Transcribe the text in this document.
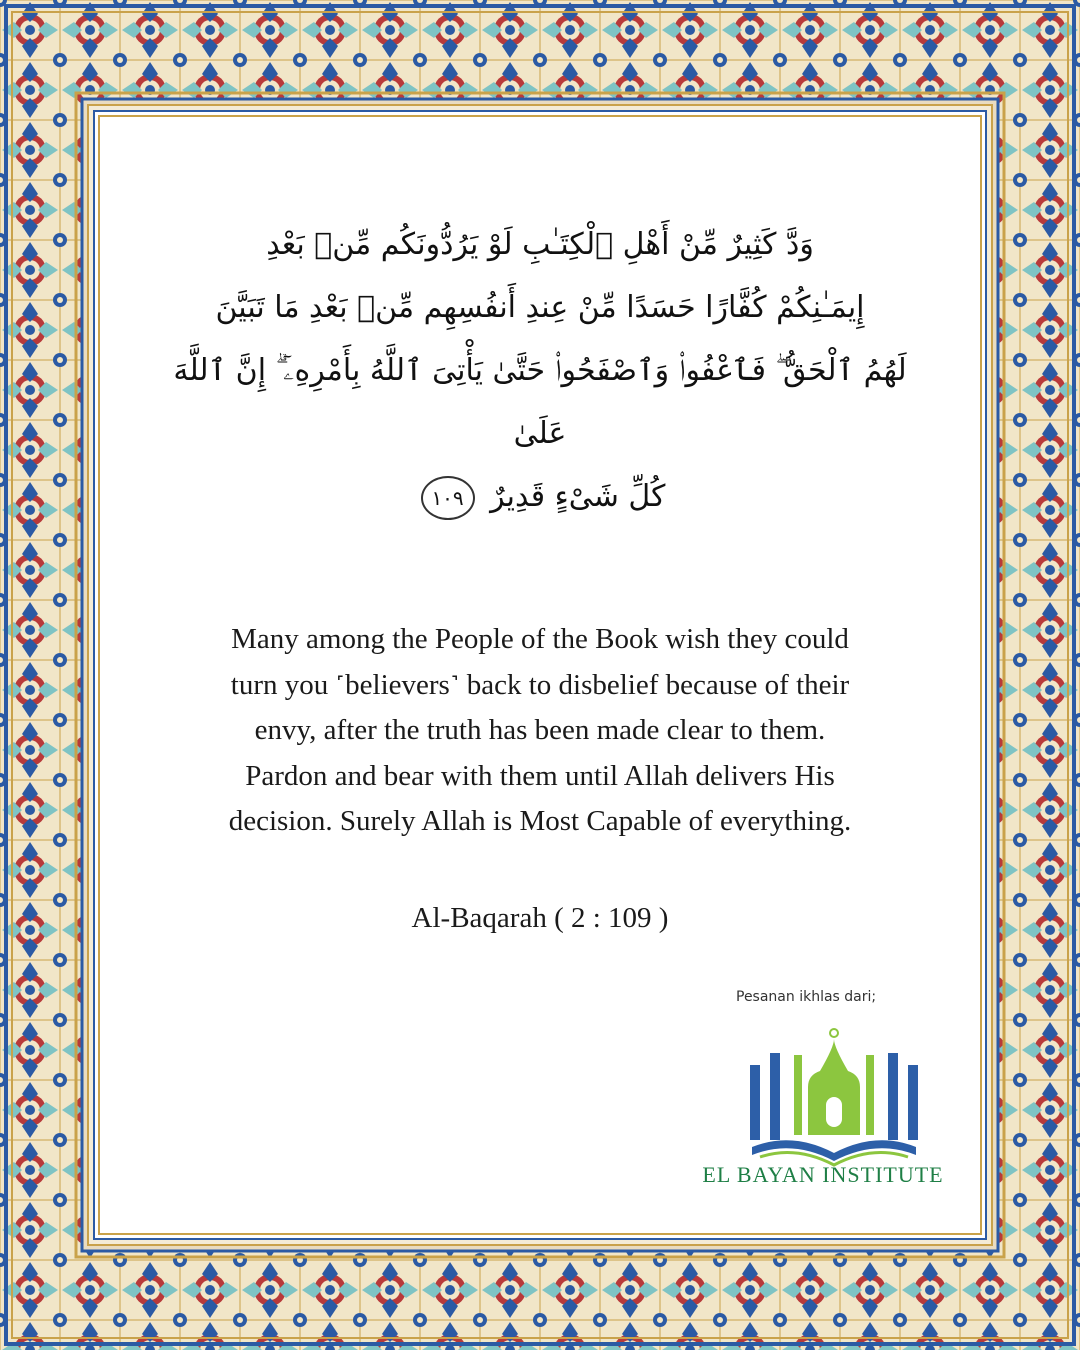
وَدَّ كَثِيرٌ مِّنْ أَهْلِ ٱلْكِتَـٰبِ لَوْ يَرُدُّونَكُم مِّنۢ بَعْدِ
إِيمَـٰنِكُمْ كُفَّارًا حَسَدًا مِّنْ عِندِ أَنفُسِهِم مِّنۢ بَعْدِ مَا تَبَيَّنَ
لَهُمُ ٱلْحَقُّ ۖ فَٱعْفُوا۟ وَٱصْفَحُوا۟ حَتَّىٰ يَأْتِىَ ٱللَّهُ بِأَمْرِهِۦٓ ۗ إِنَّ ٱللَّهَ عَلَىٰ
كُلِّ شَىْءٍ قَدِيرٌ ١٠٩
Many among the People of the Book wish they could
turn you ˹believers˺ back to disbelief because of their
envy, after the truth has been made clear to them.
Pardon and bear with them until Allah delivers His
decision. Surely Allah is Most Capable of everything.
Al-Baqarah ( 2 : 109 )
Pesanan ikhlas dari;
EL BAYAN INSTITUTE
